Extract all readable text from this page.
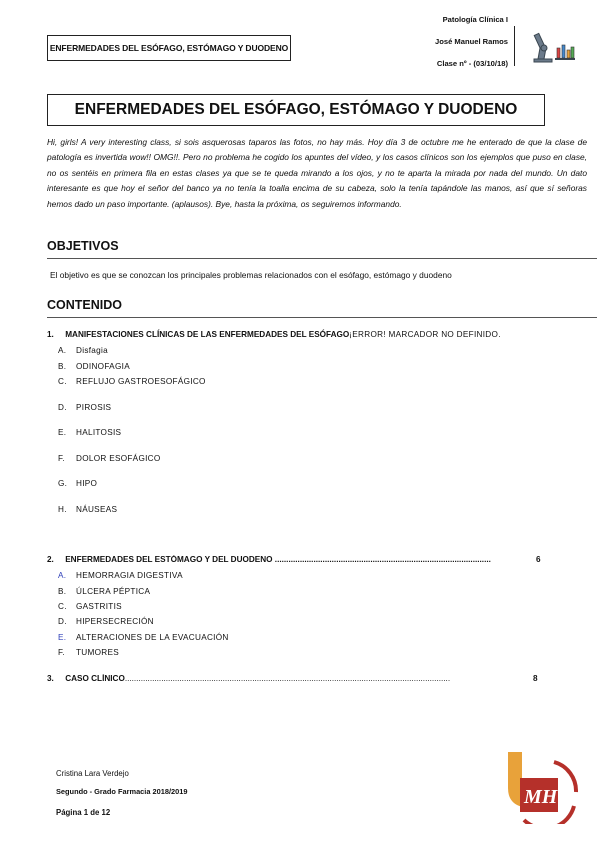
ENFERMEDADES DEL ESÓFAGO, ESTÓMAGO Y DUODENO
Patología Clínica I
José Manuel Ramos
Clase nº - (03/10/18)
ENFERMEDADES DEL ESÓFAGO, ESTÓMAGO Y DUODENO
Hi, girls! A very interesting class, si sois asquerosas taparos las fotos, no hay más. Hoy día 3 de octubre me he enterado de que la clase de patología es invertida wow!! OMG!!. Pero no problema he cogido los apuntes del vídeo, y los casos clínicos son los ejemplos que puso en clase, no os sentéis en primera fila en estas clases ya que se te queda mirando a los ojos, y no te aparta la mirada por nada del mundo. Un dato interesante es que hoy el señor del banco ya no tenía la toalla encima de su cabeza, solo la tenía tapándole las manos, así que sí señoras hemos dado un paso importante. (aplausos). Bye, hasta la próxima, os seguiremos informando.
OBJETIVOS
El objetivo es que se conozcan los principales problemas relacionados con el esófago, estómago y duodeno
CONTENIDO
1. MANIFESTACIONES CLÍNICAS DE LAS ENFERMEDADES DEL ESÓFAGO¡ERROR! MARCADOR NO DEFINIDO.
A. Disfagia
B. ODINOFAGIA
C. REFLUJO GASTROESOFÁGICO
D. PIROSIS
E. HALITOSIS
F. DOLOR ESOFÁGICO
G. HIPO
H. NÁUSEAS
2. ENFERMEDADES DEL ESTÓMAGO Y DEL DUODENO ...............................................................................................	6
A. HEMORRAGIA DIGESTIVA
B. ÚLCERA PÉPTICA
C. GASTRITIS
D. HIPERSECRECIÓN
E. ALTERACIONES DE LA EVACUACIÓN
F. TUMORES
3. CASO CLÍNICO...............................................................................................................................................	8
Cristina Lara Verdejo
Segundo - Grado Farmacia 2018/2019
Página 1 de 12
MH
